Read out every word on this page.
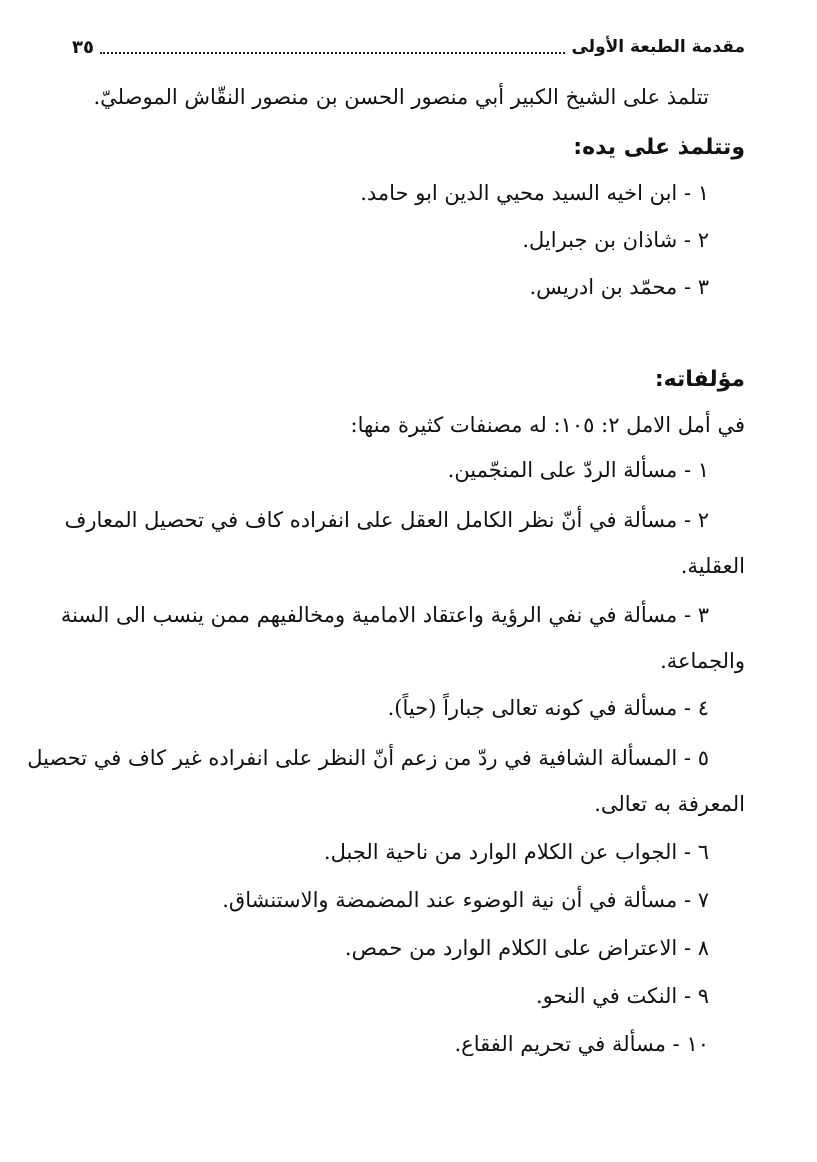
مقدمة الطبعة الأولى
٣٥
تتلمذ على الشيخ الكبير أبي منصور الحسن بن منصور النقّاش الموصليّ.
وتتلمذ على يده:
١ - ابن اخيه السيد محيي الدين ابو حامد.
٢ - شاذان بن جبرايل.
٣ - محمّد بن ادريس.
مؤلفاته:
في أمل الامل ٢: ١٠٥: له مصنفات كثيرة منها:
١ - مسألة الردّ على المنجّمين.
٢ - مسألة في أنّ نظر الكامل العقل على انفراده كاف في تحصيل المعارف
العقلية.
٣ - مسألة في نفي الرؤية واعتقاد الامامية ومخالفيهم ممن ينسب الى السنة
والجماعة.
٤ - مسألة في كونه تعالى جباراً (حياً).
٥ - المسألة الشافية في ردّ من زعم أنّ النظر على انفراده غير كاف في تحصيل
المعرفة به تعالى.
٦ - الجواب عن الكلام الوارد من ناحية الجبل.
٧ - مسألة في أن نية الوضوء عند المضمضة والاستنشاق.
٨ - الاعتراض على الكلام الوارد من حمص.
٩ - النكت في النحو.
١٠ - مسألة في تحريم الفقاع.
